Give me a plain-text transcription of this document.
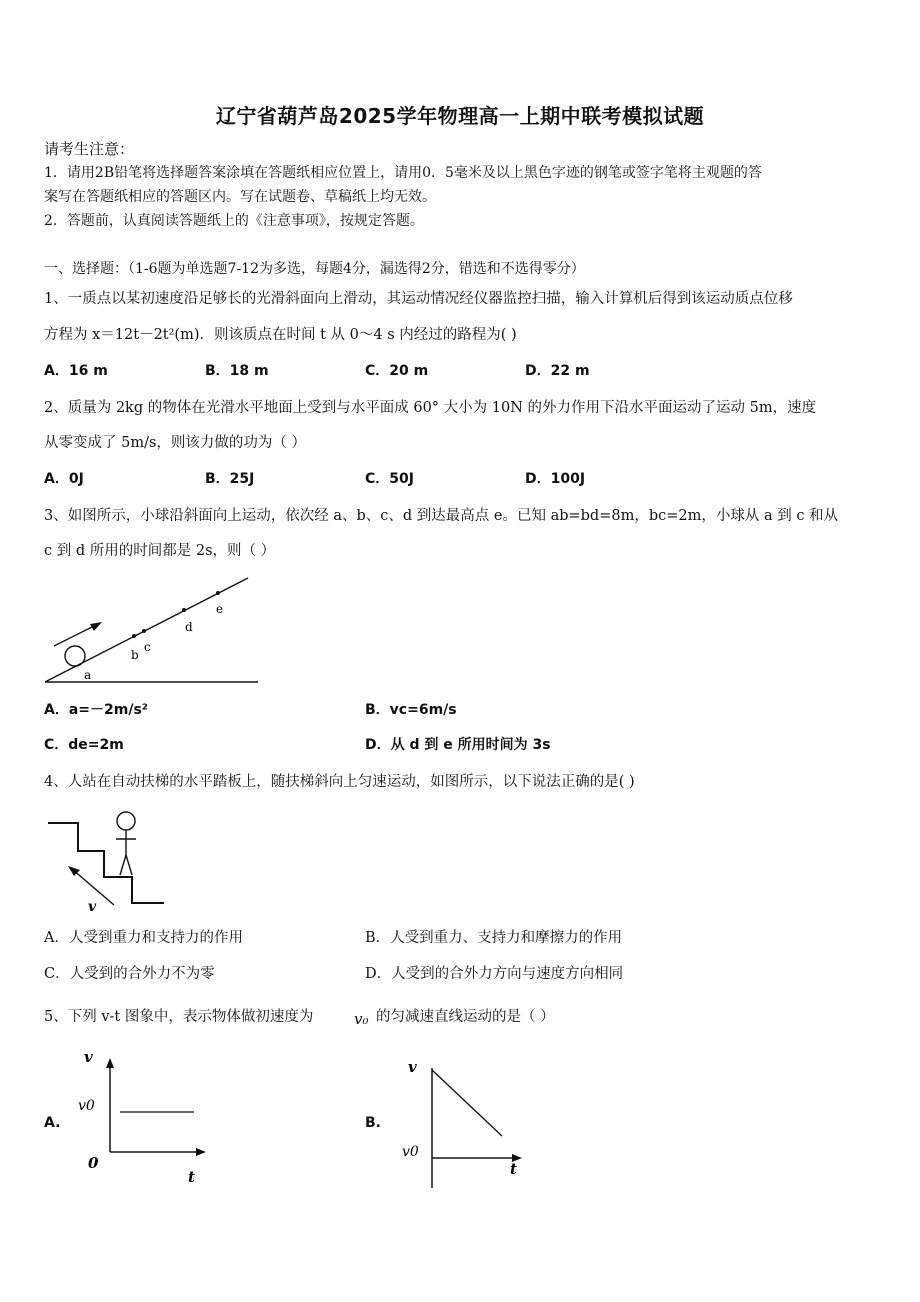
辽宁省葫芦岛2025学年物理高一上期中联考模拟试题
请考生注意：
1．请用2B铅笔将选择题答案涂填在答题纸相应位置上，请用0．5毫米及以上黑色字迹的钢笔或签字笔将主观题的答
案写在答题纸相应的答题区内。写在试题卷、草稿纸上均无效。
2．答题前，认真阅读答题纸上的《注意事项》，按规定答题。
一、选择题：（1-6题为单选题7-12为多选，每题4分，漏选得2分，错选和不选得零分）
1、一质点以某初速度沿足够长的光滑斜面向上滑动，其运动情况经仪器监控扫描，输入计算机后得到该运动质点位移
方程为 x＝12t－2t²(m)．则该质点在时间 t 从 0～4 s 内经过的路程为( )
A．16 m	B．18 m	C．20 m	D．22 m
2、质量为 2kg 的物体在光滑水平地面上受到与水平面成 60° 大小为 10N 的外力作用下沿水平面运动了运动 5m，速度
从零变成了 5m/s，则该力做的功为（ ）
A．0J	B．25J	C．50J	D．100J
3、如图所示，小球沿斜面向上运动，依次经 a、b、c、d 到达最高点 e。已知 ab=bd=8m，bc=2m，小球从 a 到 c 和从
c 到 d 所用的时间都是 2s，则（ ）
a
b
c
d
e
A．a=－2m/s²	B．vc=6m/s
C．de=2m	D．从 d 到 e 所用时间为 3s
4、人站在自动扶梯的水平踏板上，随扶梯斜向上匀速运动，如图所示，以下说法正确的是( )
v
A．人受到重力和支持力的作用	B．人受到重力、支持力和摩擦力的作用
C．人受到的合外力不为零	D．人受到的合外力方向与速度方向相同
5、下列 v-t 图象中，表示物体做初速度为	v₀ 的匀减速直线运动的是（ ）
A.
v
v0
0
t
B.
v
v0
t
